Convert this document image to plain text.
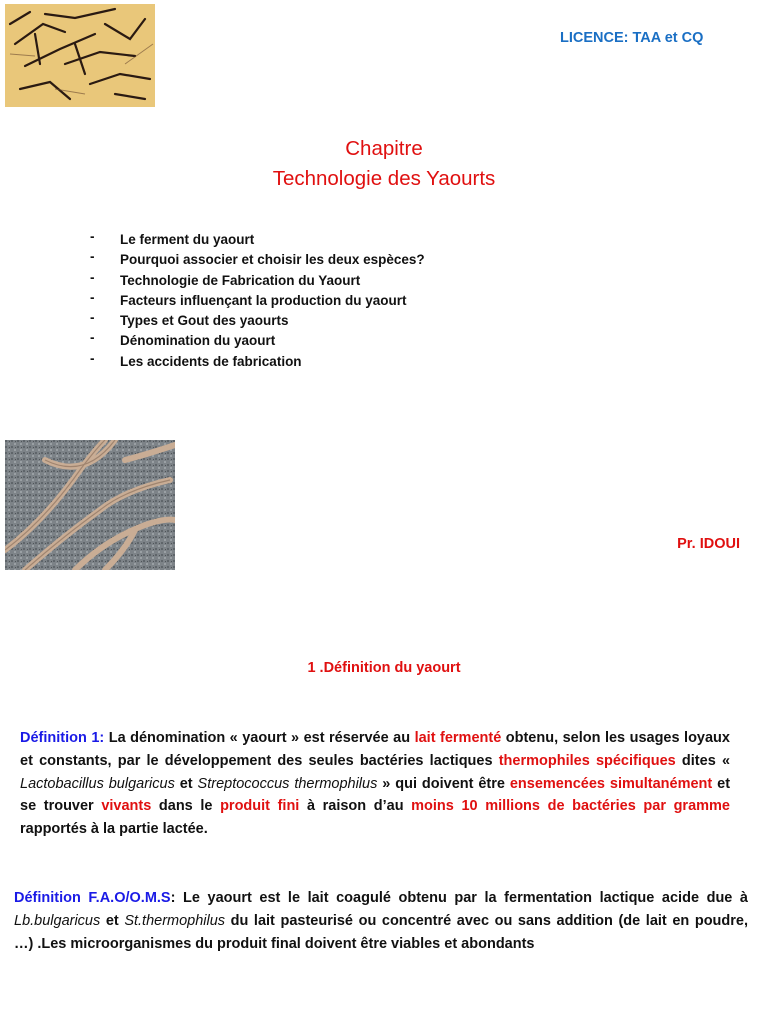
LICENCE: TAA et CQ
Chapitre
Technologie des Yaourts
- Le ferment du yaourt
- Pourquoi associer et choisir les deux espèces?
- Technologie de Fabrication du Yaourt
- Facteurs influençant la production du yaourt
- Types et Gout des yaourts
- Dénomination du yaourt
- Les accidents de fabrication
Pr. IDOUI
1 .Définition du yaourt
Définition 1: La dénomination « yaourt » est réservée au lait fermenté obtenu, selon les usages loyaux et constants, par le développement des seules bactéries lactiques thermophiles spécifiques dites « Lactobacillus bulgaricus et Streptococcus thermophilus » qui doivent être ensemencées simultanément et se trouver vivants dans le produit fini à raison d’au moins 10 millions de bactéries par gramme rapportés à la partie lactée.
Définition F.A.O/O.M.S: Le yaourt est le lait coagulé obtenu par la fermentation lactique acide due à Lb.bulgaricus et St.thermophilus du lait pasteurisé ou concentré avec ou sans addition (de lait en poudre, …) .Les microorganismes du produit final doivent être viables et abondants
